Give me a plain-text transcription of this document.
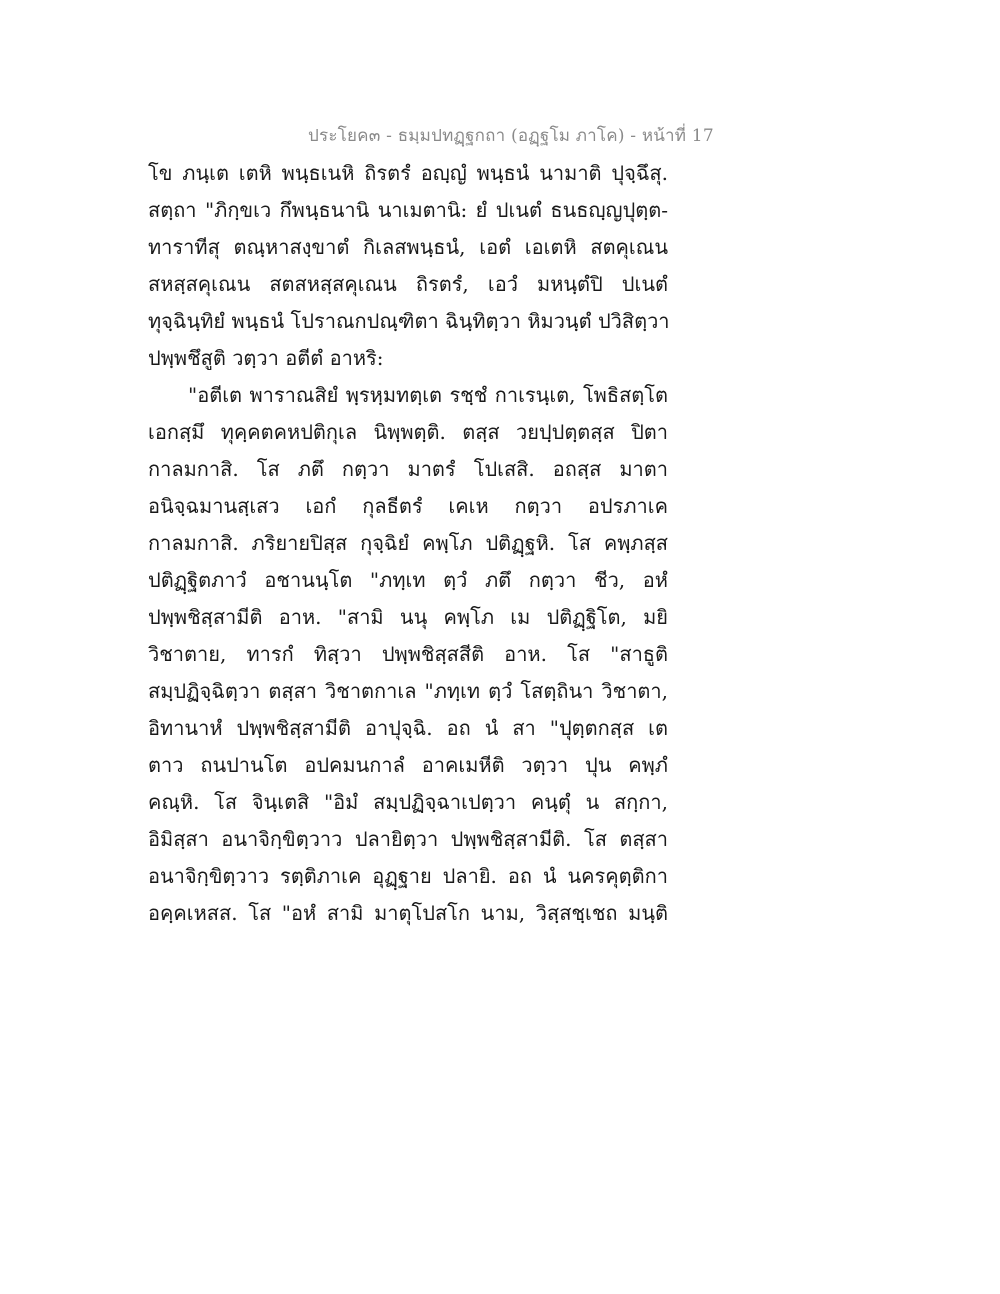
ประโยค๓ - ธมฺมปทฏฺฐกถา (อฏฺฐโม ภาโค) - หน้าที่ 17
โข ภนฺเต เตหิ พนฺธเนหิ ถิรตรํ อญฺญํ พนฺธนํ นามาติ ปุจฺฉึสุ.
สตฺถา "ภิกฺขเว กึพนฺธนานิ นาเมตานิ: ยํ ปเนตํ ธนธญฺญปุตฺต-
ทาราทีสุ ตณฺหาสงฺขาตํ กิเลสพนฺธนํ, เอตํ เอเตหิ สตคุเณน
สหสฺสคุเณน สตสหสฺสคุเณน ถิรตรํ, เอวํ มหนฺตํปิ ปเนตํ
ทุจฺฉินฺทิยํ พนฺธนํ โปราณกปณฺฑิตา ฉินฺทิตฺวา หิมวนฺตํ ปวิสิตฺวา
ปพฺพชึสูติ วตฺวา อตีตํ อาหริ:
"อตีเต พาราณสิยํ พฺรหฺมทตฺเต รชฺชํ กาเรนฺเต, โพธิสตฺโต
เอกสฺมึ ทุคฺคตคหปติกุเล นิพฺพตฺติ. ตสฺส วยปฺปตฺตสฺส ปิตา
กาลมกาสิ. โส ภตึ กตฺวา มาตรํ โปเสสิ. อถสฺส มาตา
อนิจฺฉมานสฺเสว เอกํ กุลธีตรํ เคเห กตฺวา อปรภาเค
กาลมกาสิ. ภริยายปิสฺส กุจฺฉิยํ คพฺโภ ปติฏฺฐหิ. โส คพฺภสฺส
ปติฏฺฐิตภาวํ อชานนฺโต "ภทฺเท ตฺวํ ภตึ กตฺวา ชีว, อหํ
ปพฺพชิสฺสามีติ อาห. "สามิ นนุ คพฺโภ เม ปติฏฺฐิโต, มยิ
วิชาตาย, ทารกํ ทิสฺวา ปพฺพชิสฺสสีติ อาห. โส "สาธูติ
สมฺปฏิจฺฉิตฺวา ตสฺสา วิชาตกาเล "ภทฺเท ตฺวํ โสตฺถินา วิชาตา,
อิทานาหํ ปพฺพชิสฺสามีติ อาปุจฺฉิ. อถ นํ สา "ปุตฺตกสฺส เต
ตาว ถนปานโต อปคมนกาลํ อาคเมหีติ วตฺวา ปุน คพฺภํ
คณฺหิ. โส จินฺเตสิ "อิมํ สมฺปฏิจฺฉาเปตฺวา คนฺตุํ น สกฺกา,
อิมิสฺสา อนาจิกฺขิตฺวาว ปลายิตฺวา ปพฺพชิสฺสามีติ. โส ตสฺสา
อนาจิกฺขิตฺวาว รตฺติภาเค อุฏฺฐาย ปลายิ. อถ นํ นครคุตฺติกา
อคฺคเหสส. โส "อหํ สามิ มาตุโปสโก นาม, วิสฺสชฺเชถ มนฺติ
